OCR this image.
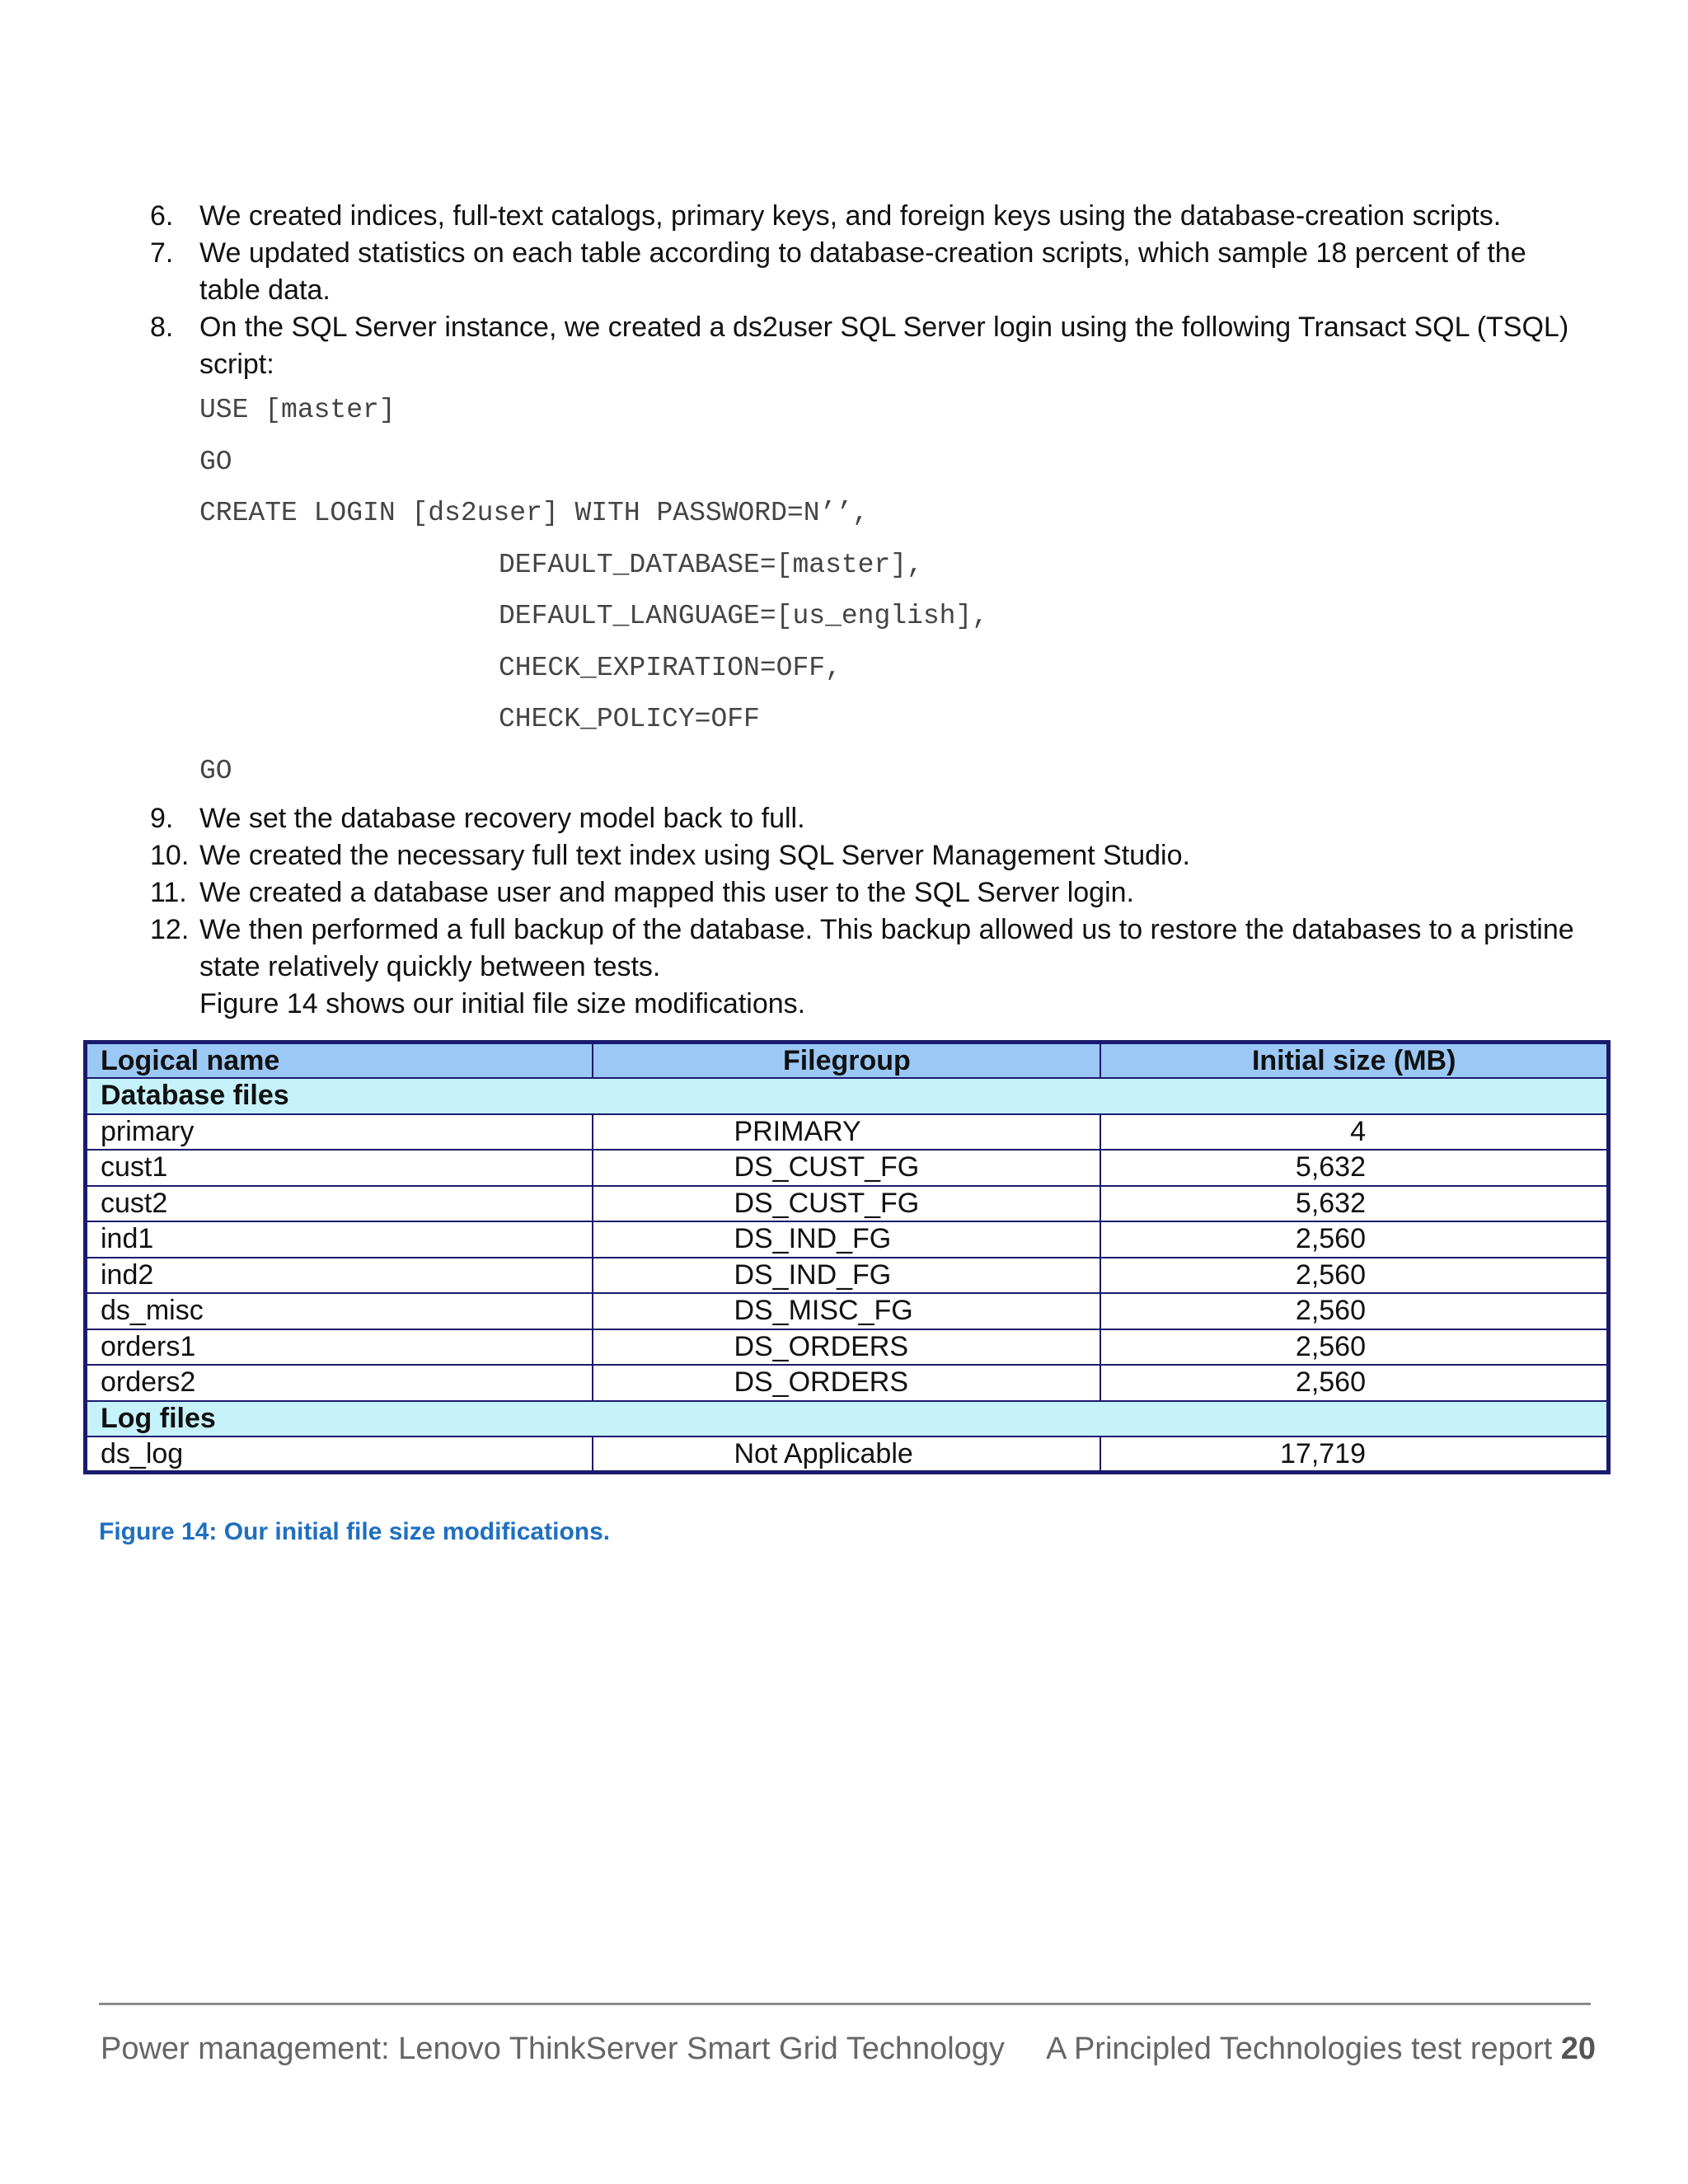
6. We created indices, full-text catalogs, primary keys, and foreign keys using the database-creation scripts.
7. We updated statistics on each table according to database-creation scripts, which sample 18 percent of the table data.
8. On the SQL Server instance, we created a ds2user SQL Server login using the following Transact SQL (TSQL) script:
USE [master]
GO
CREATE LOGIN [ds2user] WITH PASSWORD=N’’,
DEFAULT_DATABASE=[master],
DEFAULT_LANGUAGE=[us_english],
CHECK_EXPIRATION=OFF,
CHECK_POLICY=OFF
GO
9. We set the database recovery model back to full.
10. We created the necessary full text index using SQL Server Management Studio.
11. We created a database user and mapped this user to the SQL Server login.
12. We then performed a full backup of the database. This backup allowed us to restore the databases to a pristine state relatively quickly between tests.
Figure 14 shows our initial file size modifications.
Logical name	Filegroup	Initial size (MB)
Database files		
primary	PRIMARY	4
cust1	DS_CUST_FG	5,632
cust2	DS_CUST_FG	5,632
ind1	DS_IND_FG	2,560
ind2	DS_IND_FG	2,560
ds_misc	DS_MISC_FG	2,560
orders1	DS_ORDERS	2,560
orders2	DS_ORDERS	2,560
Log files		
ds_log	Not Applicable	17,719
Figure 14: Our initial file size modifications.
Power management: Lenovo ThinkServer Smart Grid Technology A Principled Technologies test report 20
